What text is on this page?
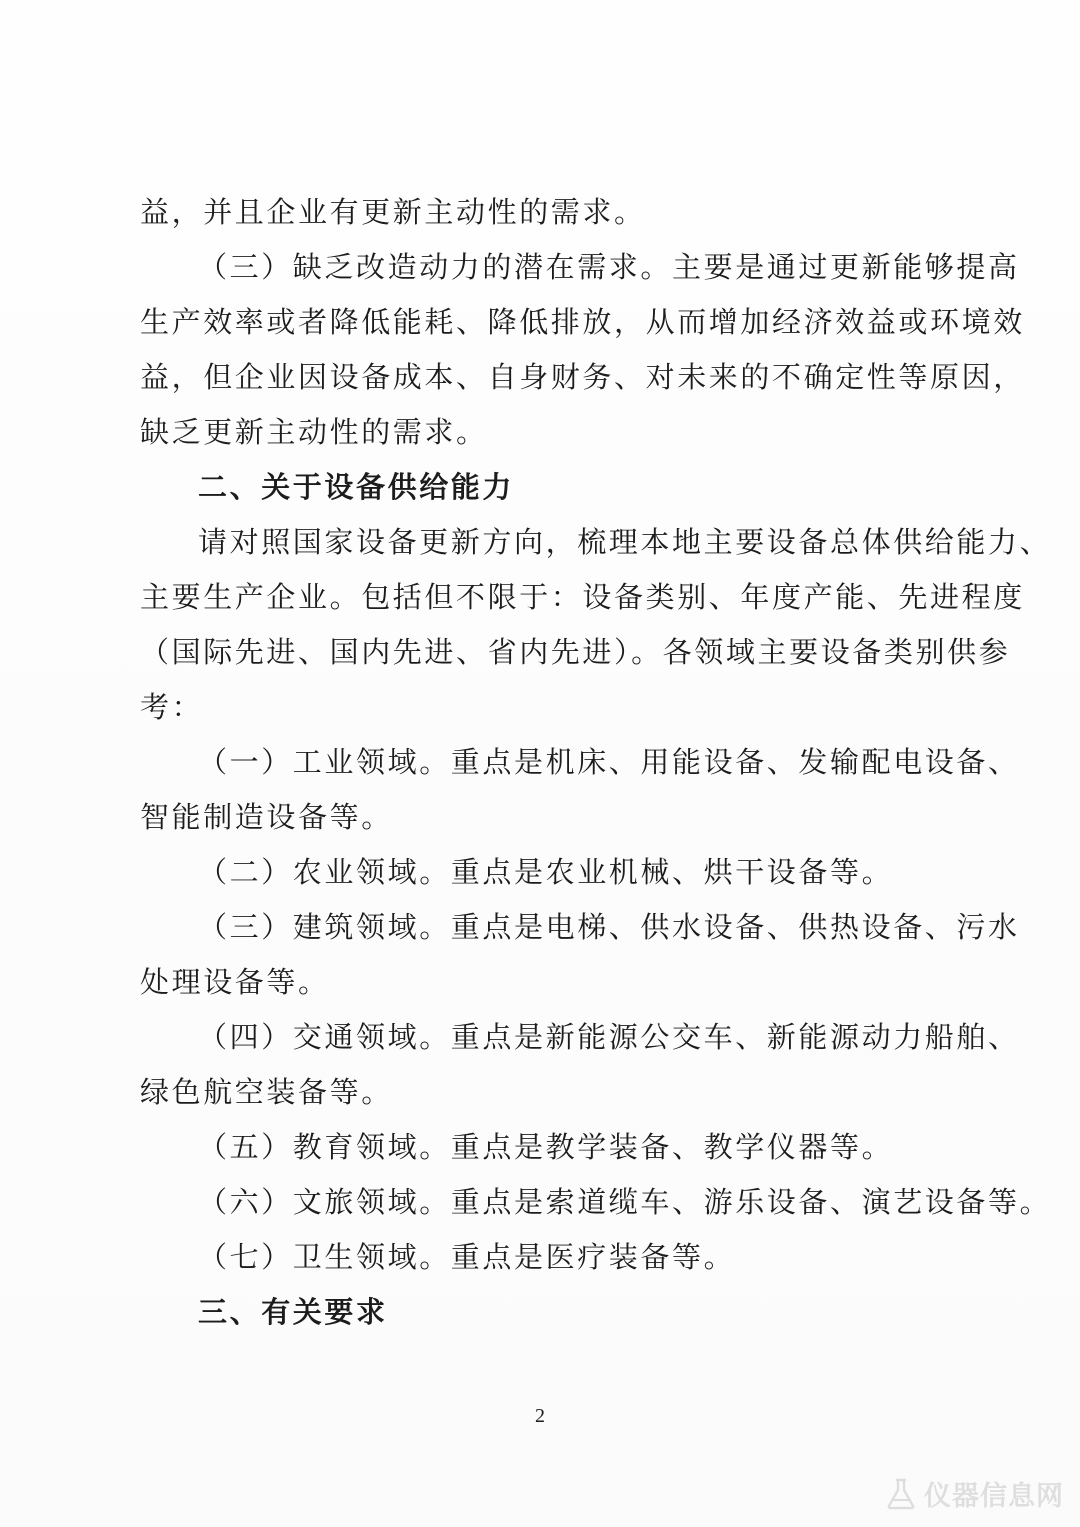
益，并且企业有更新主动性的需求。
（三）缺乏改造动力的潜在需求。主要是通过更新能够提高
生产效率或者降低能耗、降低排放，从而增加经济效益或环境效
益，但企业因设备成本、自身财务、对未来的不确定性等原因，
缺乏更新主动性的需求。
二、关于设备供给能力
请对照国家设备更新方向，梳理本地主要设备总体供给能力、
主要生产企业。包括但不限于：设备类别、年度产能、先进程度
（国际先进、国内先进、省内先进）。各领域主要设备类别供参
考：
（一）工业领域。重点是机床、用能设备、发输配电设备、
智能制造设备等。
（二）农业领域。重点是农业机械、烘干设备等。
（三）建筑领域。重点是电梯、供水设备、供热设备、污水
处理设备等。
（四）交通领域。重点是新能源公交车、新能源动力船舶、
绿色航空装备等。
（五）教育领域。重点是教学装备、教学仪器等。
（六）文旅领域。重点是索道缆车、游乐设备、演艺设备等。
（七）卫生领域。重点是医疗装备等。
三、有关要求
2
仪器信息网
